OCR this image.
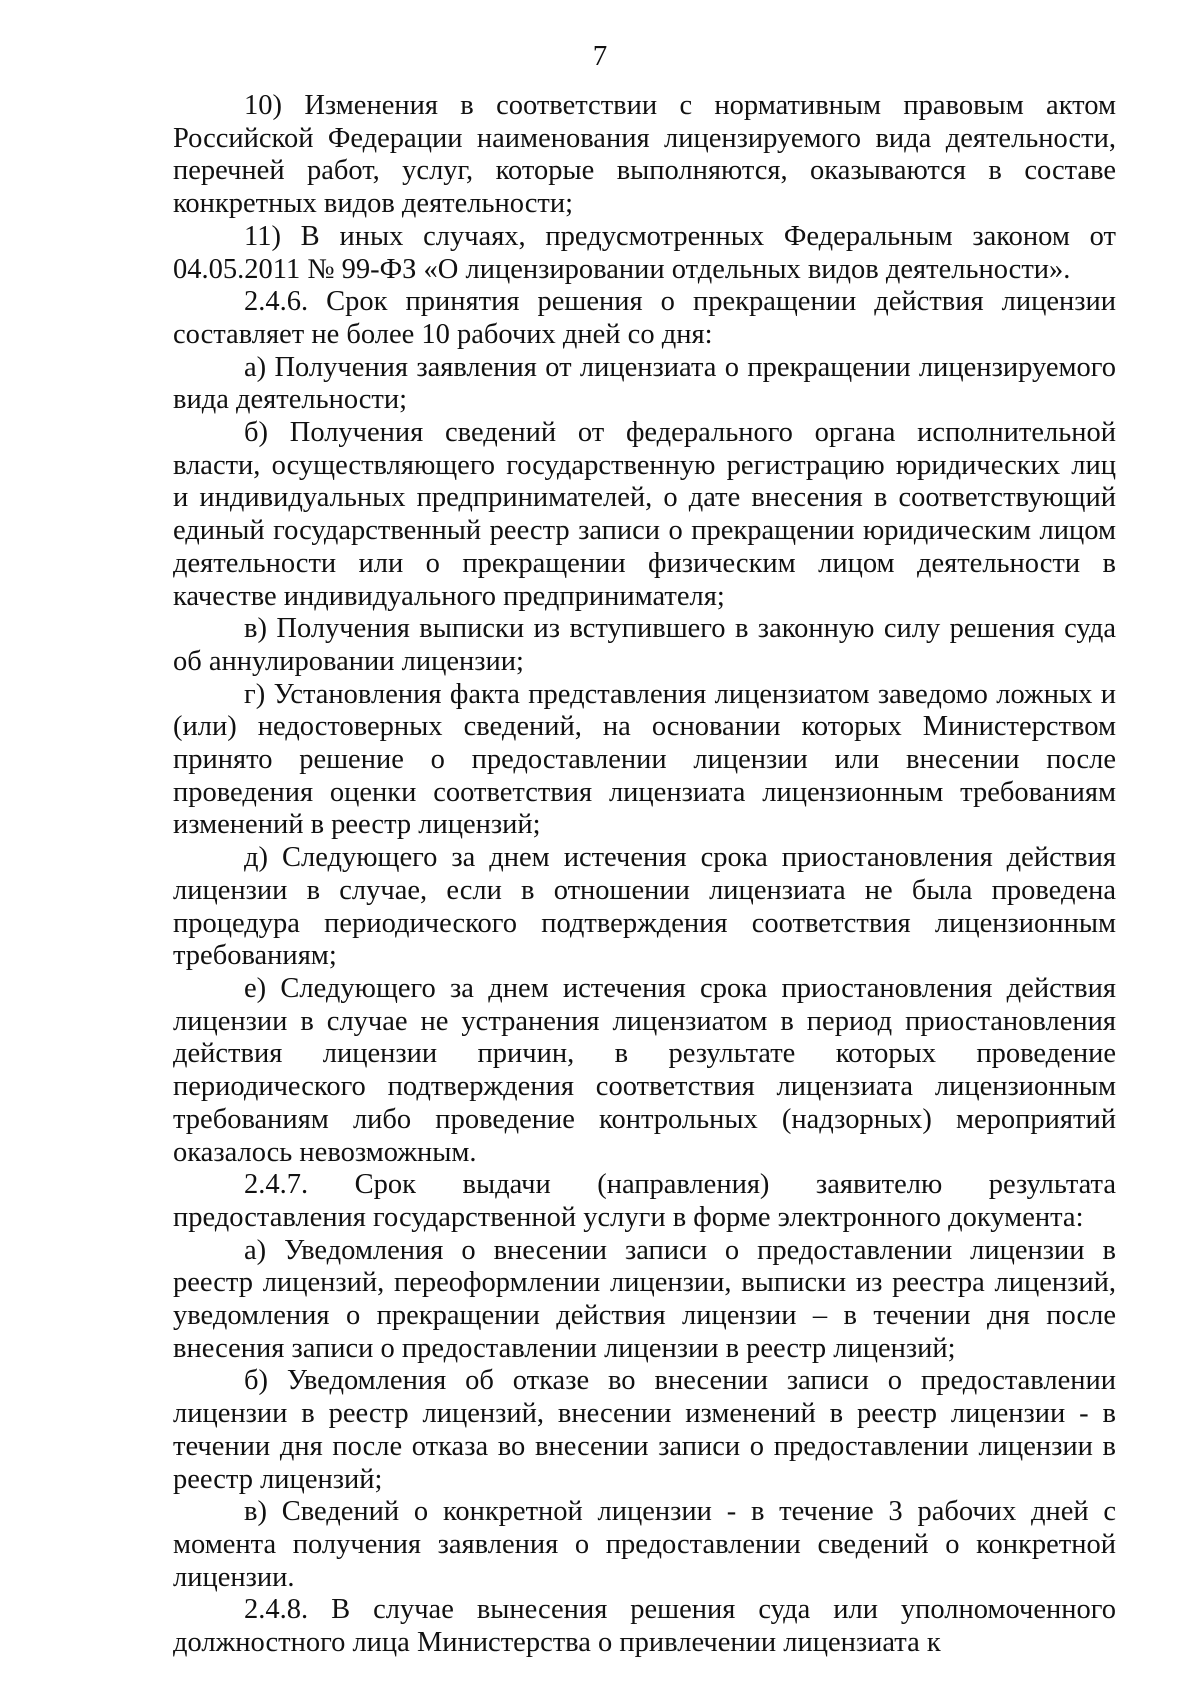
7

10) Изменения в соответствии с нормативным правовым актом Российской Федерации наименования лицензируемого вида деятельности, перечней работ, услуг, которые выполняются, оказываются в составе конкретных видов деятельности;

11) В иных случаях, предусмотренных Федеральным законом от 04.05.2011 № 99-ФЗ «О лицензировании отдельных видов деятельности».

2.4.6. Срок принятия решения о прекращении действия лицензии составляет не более 10 рабочих дней со дня:

а) Получения заявления от лицензиата о прекращении лицензируемого вида деятельности;

б) Получения сведений от федерального органа исполнительной власти, осуществляющего государственную регистрацию юридических лиц и индивидуальных предпринимателей, о дате внесения в соответствующий единый государственный реестр записи о прекращении юридическим лицом деятельности или о прекращении физическим лицом деятельности в качестве индивидуального предпринимателя;

в) Получения выписки из вступившего в законную силу решения суда об аннулировании лицензии;

г) Установления факта представления лицензиатом заведомо ложных и (или) недостоверных сведений, на основании которых Министерством принято решение о предоставлении лицензии или внесении после проведения оценки соответствия лицензиата лицензионным требованиям изменений в реестр лицензий;

д) Следующего за днем истечения срока приостановления действия лицензии в случае, если в отношении лицензиата не была проведена процедура периодического подтверждения соответствия лицензионным требованиям;

е) Следующего за днем истечения срока приостановления действия лицензии в случае не устранения лицензиатом в период приостановления действия лицензии причин, в результате которых проведение периодического подтверждения соответствия лицензиата лицензионным требованиям либо проведение контрольных (надзорных) мероприятий оказалось невозможным.

2.4.7. Срок выдачи (направления) заявителю результата предоставления государственной услуги в форме электронного документа:

а) Уведомления о внесении записи о предоставлении лицензии в реестр лицензий, переоформлении лицензии, выписки из реестра лицензий, уведомления о прекращении действия лицензии – в течении дня после внесения записи о предоставлении лицензии в реестр лицензий;

б) Уведомления об отказе во внесении записи о предоставлении лицензии в реестр лицензий, внесении изменений в реестр лицензии - в течении дня после отказа во внесении записи о предоставлении лицензии в реестр лицензий;

в) Сведений о конкретной лицензии - в течение 3 рабочих дней с момента получения заявления о предоставлении сведений о конкретной лицензии.

2.4.8. В случае вынесения решения суда или уполномоченного должностного лица Министерства о привлечении лицензиата к
